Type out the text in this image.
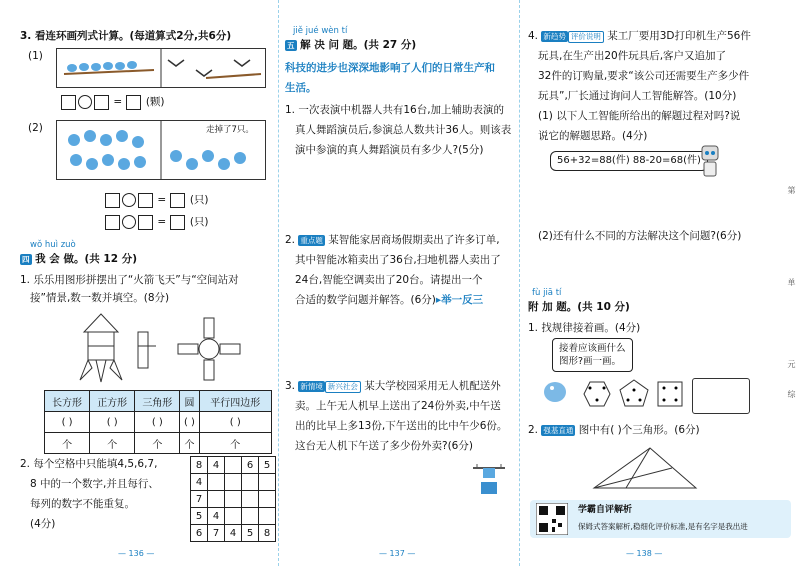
3. 看连环画列式计算。(每道算式2分,共6分)
(1)
=  (颗)
(2)	走掉了7只。
=  (只)
=  (只)
wǒ huì zuò
四 我 会 做。(共 12 分)
1. 乐乐用图形拼摆出了“火箭飞天”与“空间站对
接”情景,数一数并填空。(8分)
长方形	正方形	三角形	圆	平行四边形
( )	( )	( )	( )	( )
个	个	个	个	个
2. 每个空格中只能填4,5,6,7,
8 中的一个数字,并且每行、
每列的数字不能重复。
(4分)
8	4		6	5
4				
7				
5	4			
6	7	4	5	8
— 136 —
jiě jué wèn tí
五 解 决 问 题。(共 27 分)
科技的进步也深深地影响了人们的日常生产和
生活。
1. 一次表演中机器人共有16台,加上辅助表演的
真人舞蹈演员后,参演总人数共计36人。则该表
演中参演的真人舞蹈演员有多少人?(5分)
2. 重点题 某智能家居商场假期卖出了许多订单,
其中智能冰箱卖出了36台,扫地机器人卖出了
24台,智能空调卖出了20台。请提出一个
合适的数学问题并解答。(6分)▸举一反三
3. 新情境 新兴社会 某大学校园采用无人机配送外
卖。上午无人机早上送出了24份外卖,中午送
出的比早上多13份,下午送出的比中午少6份。
这台无人机下午送了多少份外卖?(6分)
— 137 —
4. 新趋势 评价说明 某工厂要用3D打印机生产56件
玩具,在生产出20件玩具后,客户又追加了
32件的订购量,要求“该公司还需要生产多少件
玩具”,厂长通过询问人工智能解答。(10分)
(1) 以下人工智能所给出的解题过程对吗?说
说它的解题思路。(4分)
56+32=88(件) 88-20=68(件)
(2)还有什么不同的方法解决这个问题?(6分)
fù jiā tí
附 加 题。(共 10 分)
1. 找规律接着画。(4分)
接着应该画什么
图形?画一画。
2. 强基直通 图中有( )个三角形。(6分)
学霸自评解析
保姆式答案解析,稳细化评价标准,是有名字是我出进
第
单
元
综
— 138 —
